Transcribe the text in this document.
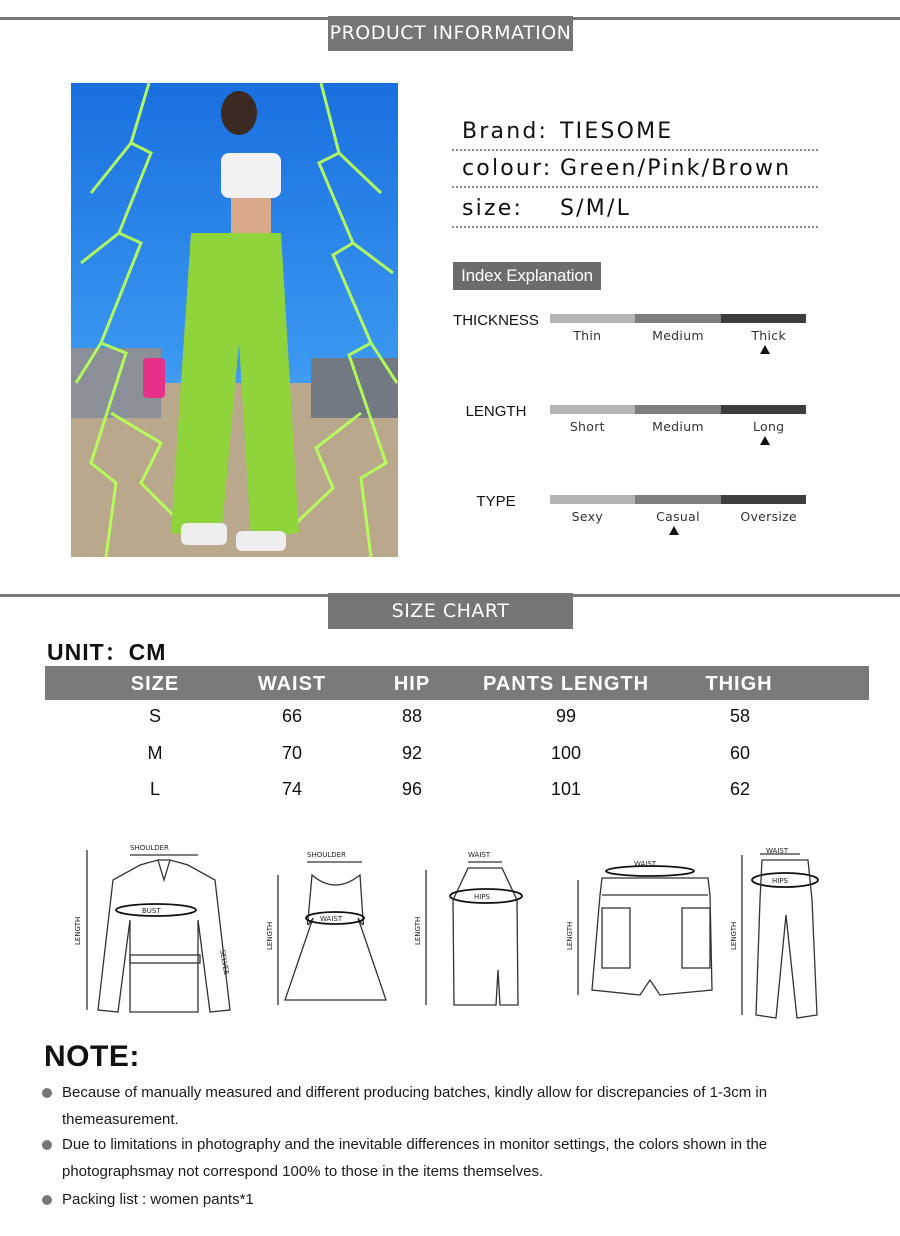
PRODUCT INFORMATION
Brand: TIESOME
colour: Green/Pink/Brown
size: S/M/L
Index Explanation
THICKNESS
Thin	Medium	Thick
LENGTH
Short	Medium	Long
TYPE
Sexy	Casual	Oversize
SIZE CHART
UNIT：CM
SIZE	WAIST	HIP	PANTS LENGTH	THIGH
S	66	88	99	58
M	70	92	100	60
L	74	96	101	62
SHOULDER
LENGTH
BUST
SELVEE
SHOULDER
LENGTH
WAIST
WAIST
LENGTH
HIPS
WAIST
LENGTH
WAIST
LENGTH
HIPS
NOTE:
Because of manually measured and different producing batches, kindly allow for discrepancies of 1-3cm in themeasurement.
Due to limitations in photography and the inevitable differences in monitor settings, the colors shown in the photographsmay not correspond 100% to those in the items themselves.
Packing list : women pants*1
